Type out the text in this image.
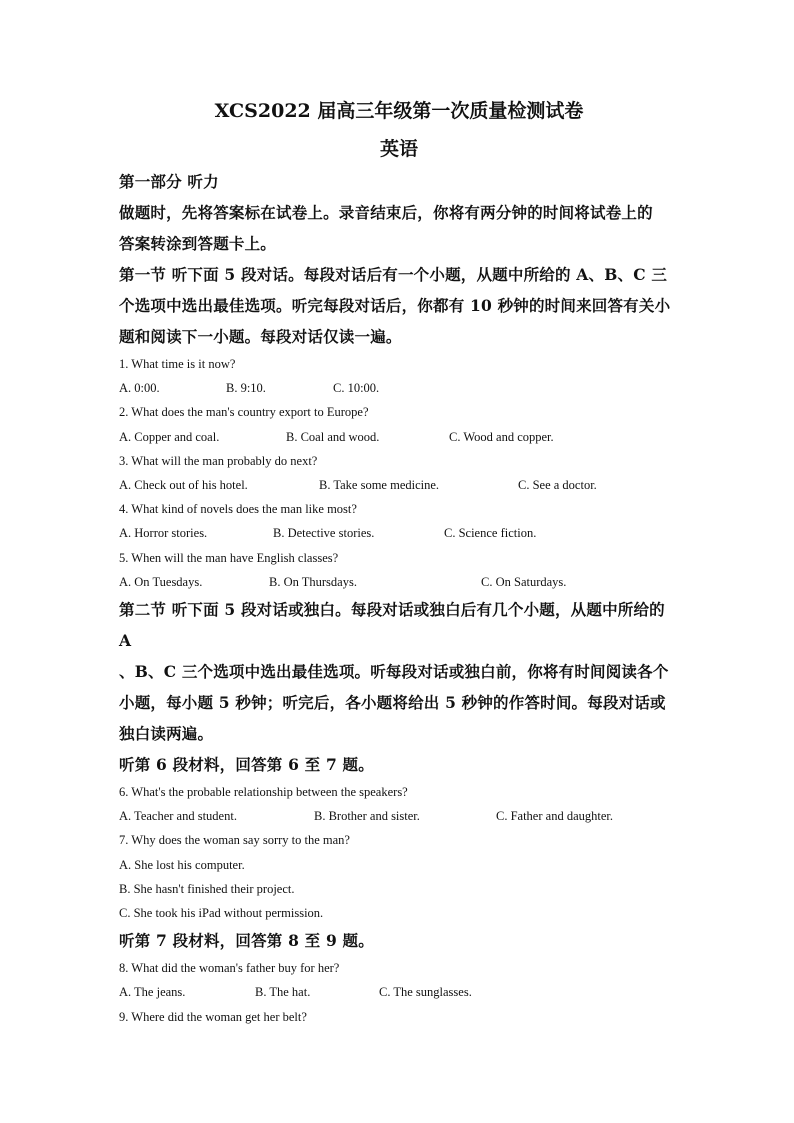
XCS2022 届高三年级第一次质量检测试卷

英语

第一部分 听力

做题时，先将答案标在试卷上。录音结束后，你将有两分钟的时间将试卷上的

答案转涂到答题卡上。

第一节 听下面 5 段对话。每段对话后有一个小题，从题中所给的 A、B、C 三

个选项中选出最佳选项。听完每段对话后，你都有 10 秒钟的时间来回答有关小

题和阅读下一小题。每段对话仅读一遍。

1. What time is it now?

A. 0:00.	B. 9:10.	C. 10:00.

2. What does the man's country export to Europe?

A. Copper and coal.	B. Coal and wood.	C. Wood and copper.

3. What will the man probably do next?

A. Check out of his hotel.	B. Take some medicine.	C. See a doctor.

4. What kind of novels does the man like most?

A. Horror stories.	B. Detective stories.	C. Science fiction.

5. When will the man have English classes?

A. On Tuesdays.	B. On Thursdays.	C. On Saturdays.

第二节 听下面 5 段对话或独白。每段对话或独白后有几个小题，从题中所给的 A

、B、C 三个选项中选出最佳选项。听每段对话或独白前，你将有时间阅读各个

小题，每小题 5 秒钟；听完后，各小题将给出 5 秒钟的作答时间。每段对话或

独白读两遍。

听第 6 段材料，回答第 6 至 7 题。

6. What's the probable relationship between the speakers?

A. Teacher and student.	B. Brother and sister.	C. Father and daughter.

7. Why does the woman say sorry to the man?

A. She lost his computer.

B. She hasn't finished their project.

C. She took his iPad without permission.

听第 7 段材料，回答第 8 至 9 题。

8. What did the woman's father buy for her?

A. The jeans.	B. The hat.	C. The sunglasses.

9. Where did the woman get her belt?
